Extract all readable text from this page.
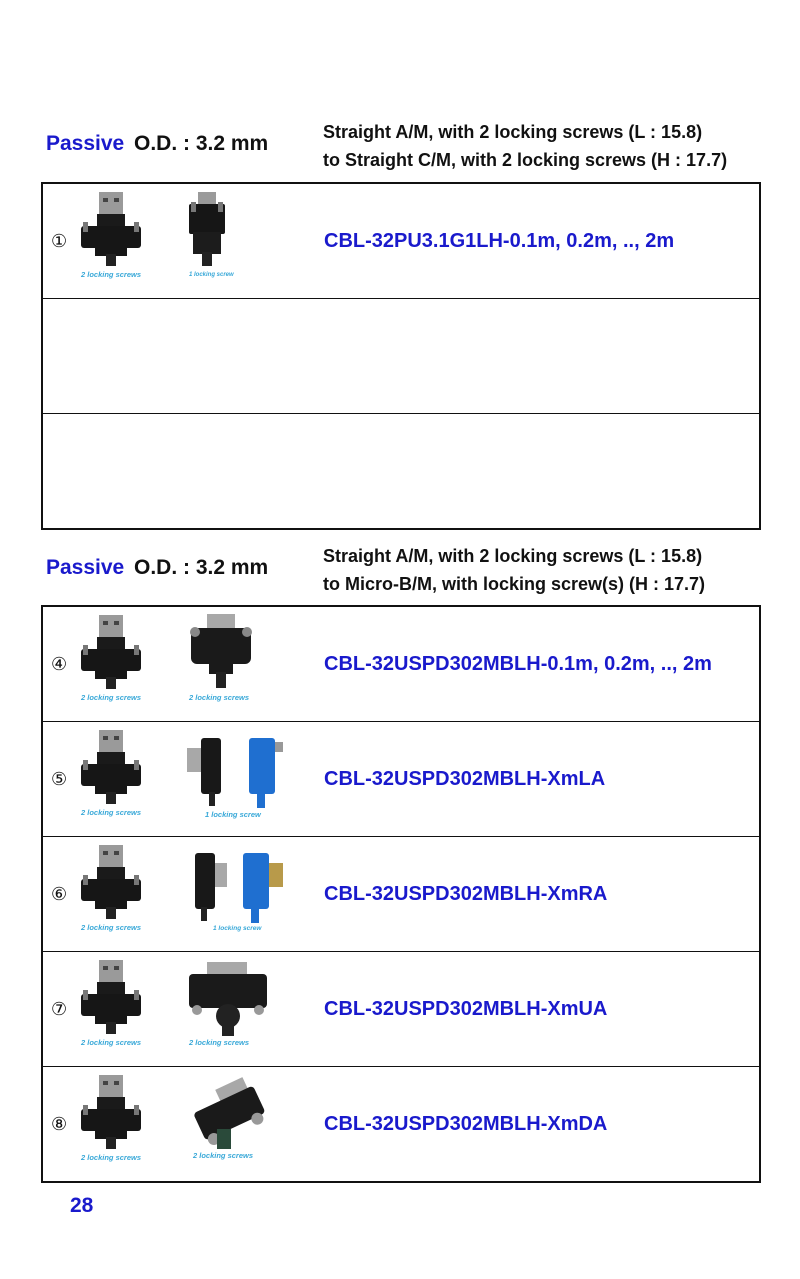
Passive O.D. : 3.2 mm	Straight A/M, with 2 locking screws (L : 15.8)
to Straight C/M, with 2 locking screws (H : 17.7)
①
2 locking screws	1 locking screw
CBL-32PU3.1G1LH-0.1m, 0.2m, .., 2m
Passive O.D. : 3.2 mm	Straight A/M, with 2 locking screws (L : 15.8)
to Micro-B/M, with locking screw(s) (H : 17.7)
④
2 locking screws	2 locking screws
CBL-32USPD302MBLH-0.1m, 0.2m, .., 2m
⑤
2 locking screws	1 locking screw
CBL-32USPD302MBLH-XmLA
⑥
2 locking screws	1 locking screw
CBL-32USPD302MBLH-XmRA
⑦
2 locking screws	2 locking screws
CBL-32USPD302MBLH-XmUA
⑧
2 locking screws	2 locking screws
CBL-32USPD302MBLH-XmDA
28
